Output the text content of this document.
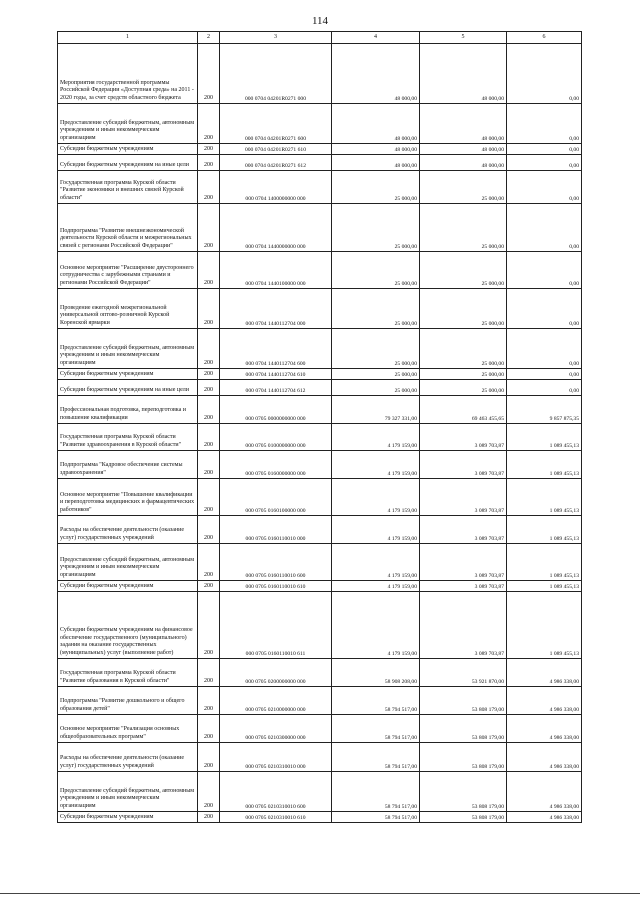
114
1	2	3	4	5	6
Мероприятия государственной программы Российской Федерации «Доступная среда» на 2011 - 2020 годы, за счет средств областного бюджета	200	000 0704 04201R0271 000	48 000,00	48 000,00	0,00
Предоставление субсидий бюджетным, автономным учреждениям и иным некоммерческим организациям	200	000 0704 04201R0271 600	48 000,00	48 000,00	0,00
Субсидии бюджетным учреждениям	200	000 0704 04201R0271 610	48 000,00	48 000,00	0,00
Субсидии бюджетным учреждениям на иные цели	200	000 0704 04201R0271 612	48 000,00	48 000,00	0,00
Государственная программа Курской области "Развитие экономики и внешних связей Курской области"	200	000 0704 1400000000 000	25 000,00	25 000,00	0,00
Подпрограмма "Развитие внешнеэкономической деятельности Курской области и межрегиональных связей с регионами Российской Федерации"	200	000 0704 1440000000 000	25 000,00	25 000,00	0,00
Основное мероприятие "Расширение двустороннего сотрудничества с зарубежными странами и регионами Российской Федерации"	200	000 0704 1440100000 000	25 000,00	25 000,00	0,00
Проведение ежегодной межрегиональной универсальной оптово-розничной Курской Коренской ярмарки	200	000 0704 1440112704 000	25 000,00	25 000,00	0,00
Предоставление субсидий бюджетным, автономным учреждениям и иным некоммерческим организациям	200	000 0704 1440112704 600	25 000,00	25 000,00	0,00
Субсидии бюджетным учреждениям	200	000 0704 1440112704 610	25 000,00	25 000,00	0,00
Субсидии бюджетным учреждениям на иные цели	200	000 0704 1440112704 612	25 000,00	25 000,00	0,00
Профессиональная подготовка, переподготовка и повышение квалификации	200	000 0705 0000000000 000	79 327 331,00	69 463 455,65	9 857 875,35
Государственная программа Курской области "Развитие здравоохранения в Курской области"	200	000 0705 0100000000 000	4 179 159,00	3 089 703,87	1 089 455,13
Подпрограмма "Кадровое обеспечение системы здравоохранения"	200	000 0705 0160000000 000	4 179 159,00	3 089 703,87	1 089 455,13
Основное мероприятие "Повышение квалификации и переподготовка медицинских и фармацевтических работников"	200	000 0705 0160100000 000	4 179 159,00	3 089 703,87	1 089 455,13
Расходы на обеспечение деятельности (оказание услуг) государственных учреждений	200	000 0705 0160110010 000	4 179 159,00	3 089 703,87	1 089 455,13
Предоставление субсидий бюджетным, автономным учреждениям и иным некоммерческим организациям	200	000 0705 0160110010 600	4 179 159,00	3 089 703,87	1 089 455,13
Субсидии бюджетным учреждениям	200	000 0705 0160110010 610	4 179 159,00	3 089 703,87	1 089 455,13
Субсидии бюджетным учреждениям на финансовое обеспечение государственного (муниципального) задания на оказание государственных (муниципальных) услуг (выполнение работ)	200	000 0705 0160110010 611	4 179 159,00	3 089 703,87	1 089 455,13
Государственная программа Курской области "Развитие образования в Курской области"	200	000 0705 0200000000 000	58 908 208,00	53 921 870,00	4 986 338,00
Подпрограмма "Развитие дошкольного и общего образования детей"	200	000 0705 0210000000 000	58 794 517,00	53 808 179,00	4 986 338,00
Основное мероприятие "Реализация основных общеобразовательных программ"	200	000 0705 0210300000 000	58 794 517,00	53 808 179,00	4 986 338,00
Расходы на обеспечение деятельности (оказание услуг) государственных учреждений	200	000 0705 0210310010 000	58 794 517,00	53 808 179,00	4 986 338,00
Предоставление субсидий бюджетным, автономным учреждениям и иным некоммерческим организациям	200	000 0705 0210310010 600	58 794 517,00	53 808 179,00	4 986 338,00
Субсидии бюджетным учреждениям	200	000 0705 0210310010 610	58 794 517,00	53 808 179,00	4 986 338,00
